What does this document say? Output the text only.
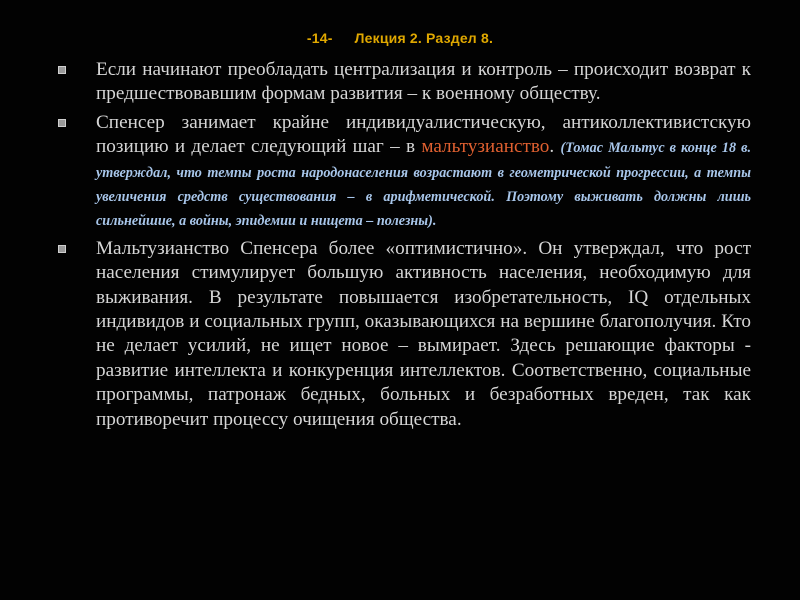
-14- Лекция 2. Раздел 8.
Если начинают преобладать централизация и контроль – происходит возврат к предшествовавшим формам развития – к военному обществу.
Спенсер занимает крайне индивидуалистическую, антиколлективистскую позицию и делает следующий шаг – в мальтузианство. (Томас Мальтус в конце 18 в. утверждал, что темпы роста народонаселения возрастают в геометрической прогрессии, а темпы увеличения средств существования – в арифметической. Поэтому выживать должны лишь сильнейшие, а войны, эпидемии и нищета – полезны).
Мальтузианство Спенсера более «оптимистично». Он утверждал, что рост населения стимулирует большую активность населения, необходимую для выживания. В результате повышается изобретательность, IQ отдельных индивидов и социальных групп, оказывающихся на вершине благополучия. Кто не делает усилий, не ищет новое – вымирает. Здесь решающие факторы - развитие интеллекта и конкуренция интеллектов. Соответственно, социальные программы, патронаж бедных, больных и безработных вреден, так как противоречит процессу очищения общества.
